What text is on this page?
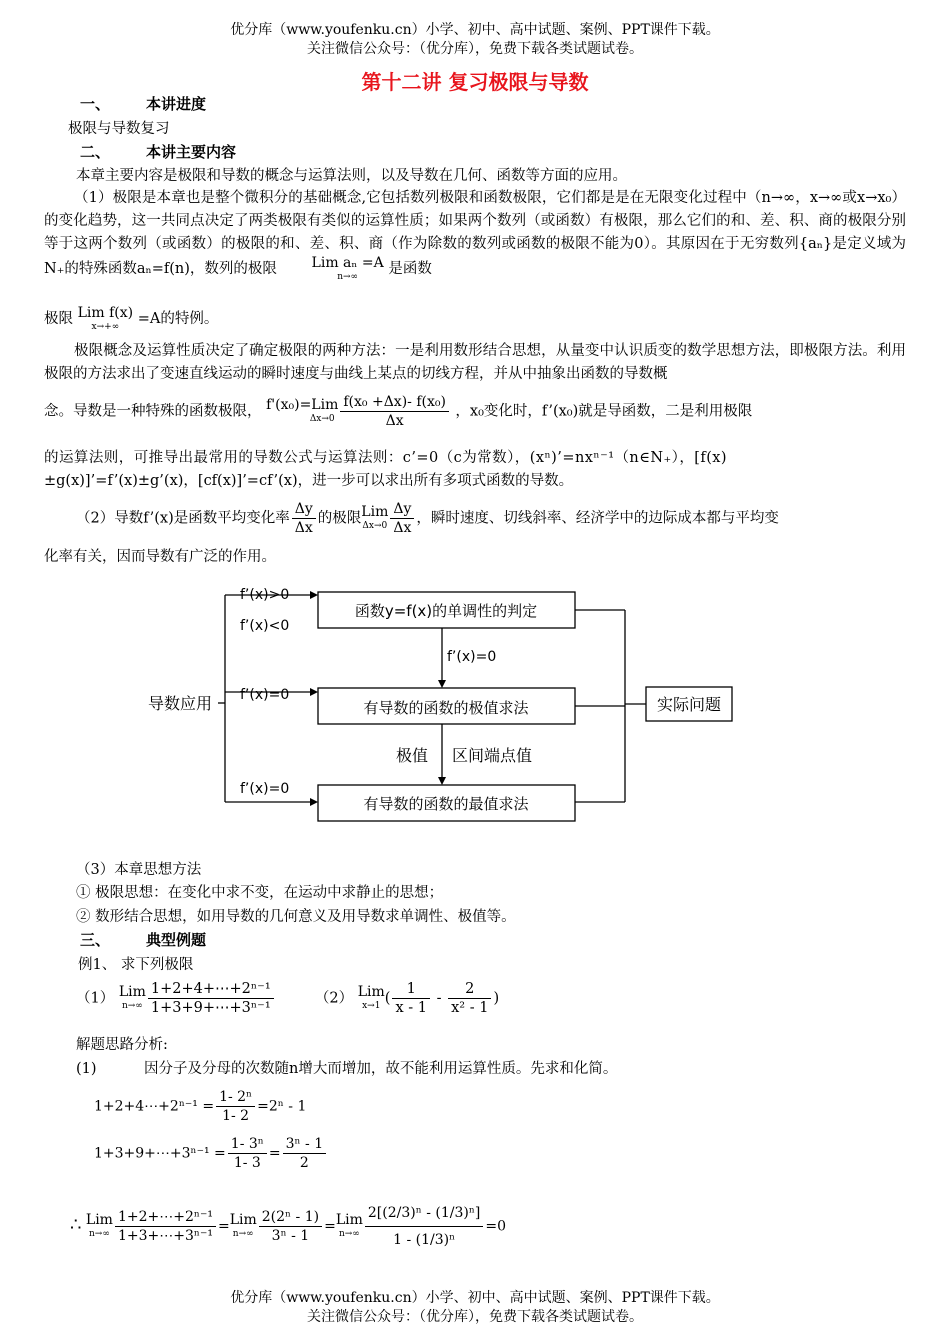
优分库（www.youfenku.cn）小学、初中、高中试题、案例、PPT课件下载。
关注微信公众号：（优分库），免费下载各类试题试卷。
第十二讲 复习极限与导数
一、 本讲进度
极限与导数复习
二、 本讲主要内容
本章主要内容是极限和导数的概念与运算法则，以及导数在几何、函数等方面的应用。
（1）极限是本章也是整个微积分的基础概念,它包括数列极限和函数极限，它们都是是在无限变化过程中（n→∞，x→∞或x→x₀）的变化趋势，这一共同点决定了两类极限有类似的运算性质；如果两个数列（或函数）有极限，那么它们的和、差、积、商的极限分别等于这两个数列（或函数）的极限的和、差、积、商（作为除数的数列或函数的极限不能为0）。其原因在于无穷数列{aₙ}是定义域为N₊的特殊函数aₙ=f(n)，数列的极限	Lim aₙ =A
n→∞	是函数
极限 Lim f(x)
x→+∞	=A的特例。
极限概念及运算性质决定了确定极限的两种方法：一是利用数形结合思想，从量变中认识质变的数学思想方法，即极限方法。利用极限的方法求出了变速直线运动的瞬时速度与曲线上某点的切线方程，并从中抽象出函数的导数概
念。导数是一种特殊的函数极限， f'(x₀)=Lim
$\Delta x\to 0 \frac{\text{f(x₀ +Δx)- f(x₀)}}{\Delta x}$ ，x₀变化时，f’(x₀)就是导函数，二是利用极限
的运算法则，可推导出最常用的导数公式与运算法则：c’=0（c为常数），(xⁿ)’=nxⁿ⁻¹（n∈N₊），[f(x)
±g(x)]’=f’(x)±g’(x)，[cf(x)]’=cf’(x)，进一步可以求出所有多项式函数的导数。
（2）导数f’(x)是函数平均变化率 $\frac{\Delta y}{\Delta x}$ 的极限 Lim
$\Delta x\to 0 \frac{\Delta y}{\Delta x}$ ，瞬时速度、切线斜率、经济学中的边际成本都与平均变
化率有关，因而导数有广泛的作用。
导数应用
函数y=f(x)的单调性的判定
有导数的函数的极值求法
有导数的函数的最值求法
实际问题
f’(x)>0
f’(x)<0
f’(x)=0
f’(x)=0
f’(x)=0
极值 区间端点值
（3）本章思想方法
① 极限思想：在变化中求不变，在运动中求静止的思想；
② 数形结合思想，如用导数的几何意义及用导数求单调性、极值等。
三、 典型例题
例1、 求下列极限
（1） Lim
$n\to\infty \frac{\text{1+2+4+⋯+2ⁿ⁻¹}}{\text{1+3+9+⋯+3ⁿ⁻¹}}$	（2） Lim
x→1 ( $\frac{1}{x - 1} - \frac{2}{\text{x² - 1}}$ )
解题思路分析:
(1)	因分子及分母的次数随n增大而增加，故不能利用运算性质。先求和化简。
1+2+4⋯+2ⁿ⁻¹ = $\frac{\text{1- 2ⁿ}}{1- 2} =2^n - 1$
1+3+9+⋯+3ⁿ⁻¹ = $\frac{\text{1- 3ⁿ}}{1- 3} = \frac{\text{3ⁿ - 1}}{2}$
∴ Lim
$n\to\infty \frac{\text{1+2+⋯+2ⁿ⁻¹}}{\text{1+3+⋯+3ⁿ⁻¹}}$ = Lim
$n\to\infty \frac{\text{2(2ⁿ - 1)}}{\text{3ⁿ - 1}}$ = Lim
$n\to\infty \frac{\text{2[(2/3)ⁿ - (1/3)ⁿ]}}{\text{1 - (1/3)ⁿ}} =0$
优分库（www.youfenku.cn）小学、初中、高中试题、案例、PPT课件下载。
关注微信公众号：（优分库），免费下载各类试题试卷。
